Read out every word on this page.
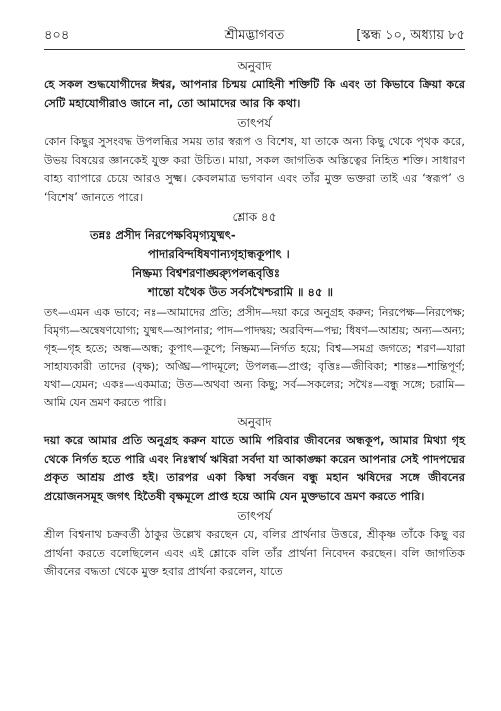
৪০৪	শ্রীমদ্ভাগবত	[স্কন্ধ ১০, অধ্যায় ৮৫
অনুবাদ

হে সকল শুদ্ধযোগীদের ঈশ্বর, আপনার চিন্ময় মোহিনী শক্তিটি কি এবং তা কিভাবে ক্রিয়া করে সেটি মহাযোগীরাও জানে না, তো আমাদের আর কি কথা।

তাৎপর্য

কোন কিছুর সুসংবদ্ধ উপলব্ধির সময় তার স্বরূপ ও বিশেষ, যা তাকে অন্য কিছু থেকে পৃথক করে, উভয় বিষয়ের জ্ঞানকেই যুক্ত করা উচিত। মায়া, সকল জাগতিক অস্তিত্বের নিহিত শক্তি। সাধারণ বাহ্য ব্যাপারে চেয়ে আরও সুক্ষ্ম। কেবলমাত্র ভগবান এবং তাঁর মুক্ত ভক্তরা তাই এর ‘স্বরূপ’ ও ‘বিশেষ’ জানতে পারে।

শ্লোক ৪৫
তন্নঃ প্রসীদ নিরপেক্ষবিমৃগ্যযুষ্মৎ-
পাদারবিন্দধিষণান্যগৃহান্ধকূপাৎ ।
নিষ্ক্রম্য বিশ্বশরণাঙ্ঘ্র্যুপলব্ধবৃত্তিঃ
শান্তো যথৈক উত সর্বসখৈশ্চরামি ॥ ৪৫ ॥

তৎ—এমন এক ভাবে; নঃ—আমাদের প্রতি; প্রসীদ—দয়া করে অনুগ্রহ করুন; নিরপেক্ষ—নিরপেক্ষ; বিমৃগ্য—অন্বেষণযোগ্য; যুষ্মৎ—আপনার; পাদ—পাদদ্বয়; অরবিন্দ—পদ্ম; ধিষণ—আশ্রয়; অন্য—অন্য; গৃহ—গৃহ হতে; অন্ধ—অন্ধ; কূপাৎ—কূপে; নিষ্ক্রম্য—নির্গত হয়ে; বিশ্ব—সমগ্র জগতে; শরণ—যারা সাহায্যকারী তাদের (বৃক্ষ); অঙ্ঘ্রি—পাদমূলে; উপলব্ধ—প্রাপ্ত; বৃত্তিঃ—জীবিকা; শান্তঃ—শান্তিপূর্ণ; যথা—যেমন; একঃ—একমাত্র; উত—অথবা অন্য কিছু; সর্ব—সকলের; সখৈঃ—বন্ধু সঙ্গে; চরামি—আমি যেন ভ্রমণ করতে পারি।

অনুবাদ

দয়া করে আমার প্রতি অনুগ্রহ করুন যাতে আমি পরিবার জীবনের অন্ধকূপ, আমার মিথ্যা গৃহ থেকে নির্গত হতে পারি এবং নিঃস্বার্থ ঋষিরা সর্বদা যা আকাঙ্ক্ষা করেন আপনার সেই পাদপদ্মের প্রকৃত আশ্রয় প্রাপ্ত হই। তারপর একা কিম্বা সর্বজন বন্ধু মহান ঋষিদের সঙ্গে জীবনের প্রয়োজনসমূহ জগৎ হিতৈষী বৃক্ষমূলে প্রাপ্ত হয়ে আমি যেন মুক্তভাবে ভ্রমণ করতে পারি।

তাৎপর্য

শ্রীল বিশ্বনাথ চক্রবর্তী ঠাকুর উল্লেখ করছেন যে, বলির প্রার্থনার উত্তরে, শ্রীকৃষ্ণ তাঁকে কিছু বর প্রার্থনা করতে বলেছিলেন এবং এই শ্লোকে বলি তাঁর প্রার্থনা নিবেদন করছেন। বলি জাগতিক জীবনের বদ্ধতা থেকে মুক্ত হবার প্রার্থনা করলেন, যাতে
